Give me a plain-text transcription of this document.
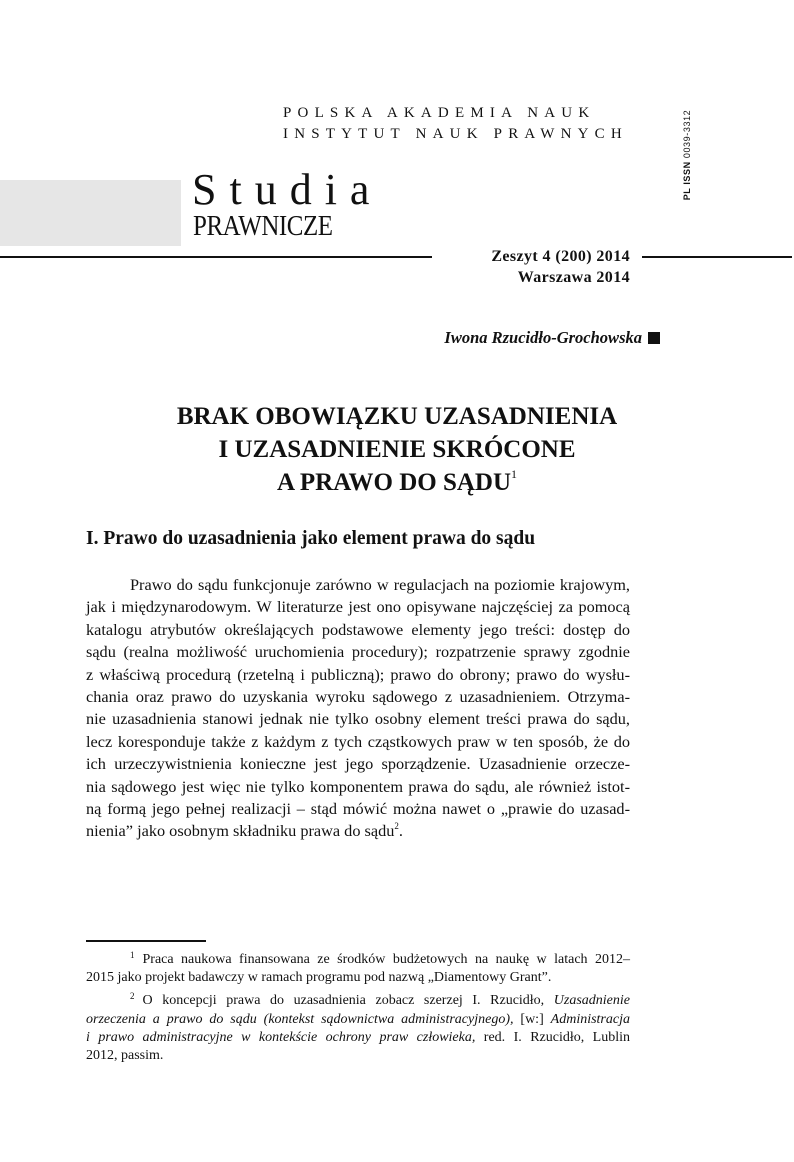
POLSKA AKADEMIA NAUK
INSTYTUT NAUK PRAWNYCH
PL ISSN 0039-3312
Studia
PRAWNICZE
Zeszyt 4 (200) 2014
Warszawa 2014
Iwona Rzucidło-Grochowska
BRAK OBOWIĄZKU UZASADNIENIA
I UZASADNIENIE SKRÓCONE
A PRAWO DO SĄDU$^1$
I. Prawo do uzasadnienia jako element prawa do sądu
Prawo do sądu funkcjonuje zarówno w regulacjach na poziomie krajowym,
jak i międzynarodowym. W literaturze jest ono opisywane najczęściej za pomocą
katalogu atrybutów określających podstawowe elementy jego treści: dostęp do
sądu (realna możliwość uruchomienia procedury); rozpatrzenie sprawy zgodnie
z właściwą procedurą (rzetelną i publiczną); prawo do obrony; prawo do wysłu-
chania oraz prawo do uzyskania wyroku sądowego z uzasadnieniem. Otrzyma-
nie uzasadnienia stanowi jednak nie tylko osobny element treści prawa do sądu,
lecz koresponduje także z każdym z tych cząstkowych praw w ten sposób, że do
ich urzeczywistnienia konieczne jest jego sporządzenie. Uzasadnienie orzecze-
nia sądowego jest więc nie tylko komponentem prawa do sądu, ale również istot-
ną formą jego pełnej realizacji – stąd mówić można nawet o „prawie do uzasad-
nienia” jako osobnym składniku prawa do sądu$^2$.
$^1$ Praca naukowa finansowana ze środków budżetowych na naukę w latach 2012–
2015 jako projekt badawczy w ramach programu pod nazwą „Diamentowy Grant”.
$^2$ O koncepcji prawa do uzasadnienia zobacz szerzej I. Rzucidło, Uzasadnienie
orzeczenia a prawo do sądu (kontekst sądownictwa administracyjnego), [w:] Administracja
i prawo administracyjne w kontekście ochrony praw człowieka, red. I. Rzucidło, Lublin
2012, passim.
